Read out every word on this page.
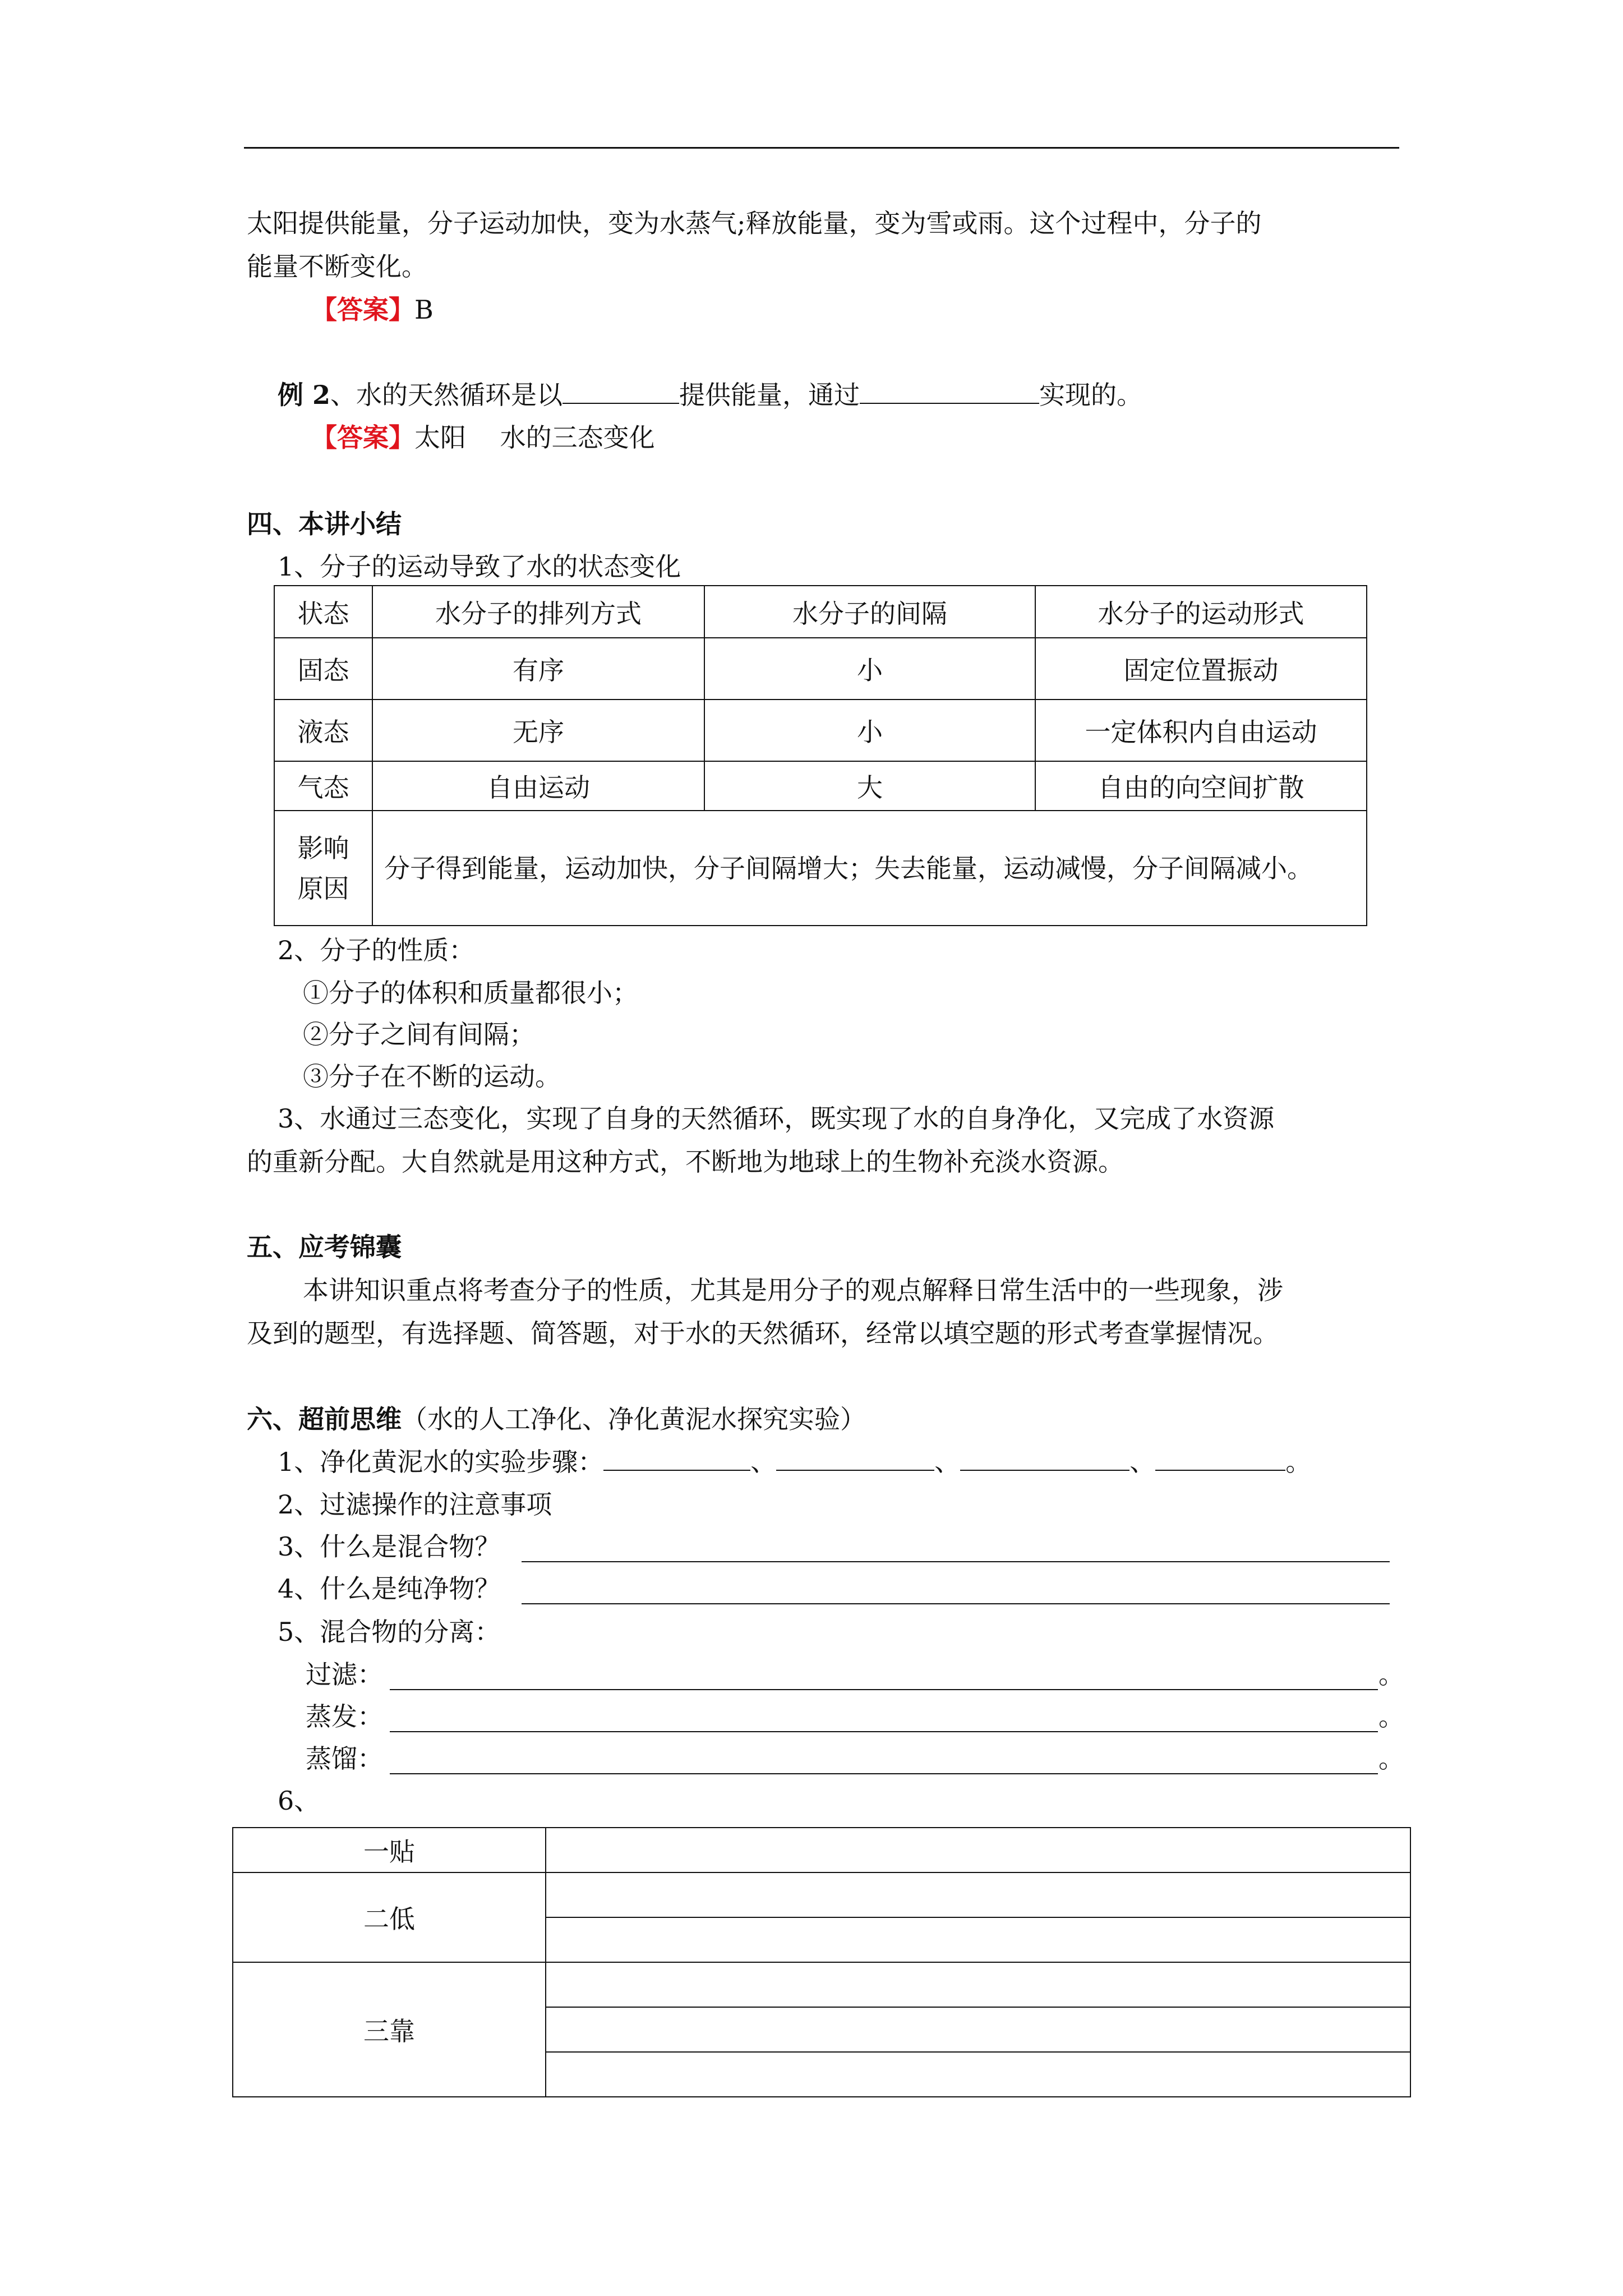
太阳提供能量，分子运动加快，变为水蒸气;释放能量，变为雪或雨。这个过程中，分子的
能量不断变化。
【答案】B
例 2、水的天然循环是以	提供能量，通过	实现的。
【答案】太阳　 水的三态变化
四、本讲小结
1、分子的运动导致了水的状态变化
状态	水分子的排列方式	水分子的间隔	水分子的运动形式
固态	有序	小	固定位置振动
液态	无序	小	一定体积内自由运动
气态	自由运动	大	自由的向空间扩散
影响
原因	分子得到能量，运动加快，分子间隔增大；失去能量，运动减慢，分子间隔减小。		
2、分子的性质：
①分子的体积和质量都很小；
②分子之间有间隔；
③分子在不断的运动。
3、水通过三态变化，实现了自身的天然循环，既实现了水的自身净化，又完成了水资源
的重新分配。大自然就是用这种方式，不断地为地球上的生物补充淡水资源。
五、应考锦囊
本讲知识重点将考查分子的性质，尤其是用分子的观点解释日常生活中的一些现象，涉
及到的题型，有选择题、简答题，对于水的天然循环，经常以填空题的形式考查掌握情况。
六、超前思维（水的人工净化、净化黄泥水探究实验）
1、净化黄泥水的实验步骤：	、	、	、	。
2、过滤操作的注意事项
3、什么是混合物？
4、什么是纯净物？
5、混合物的分离：
过滤：	。
蒸发：	。
蒸馏：	。
6、
一贴	
二低	

三靠	
